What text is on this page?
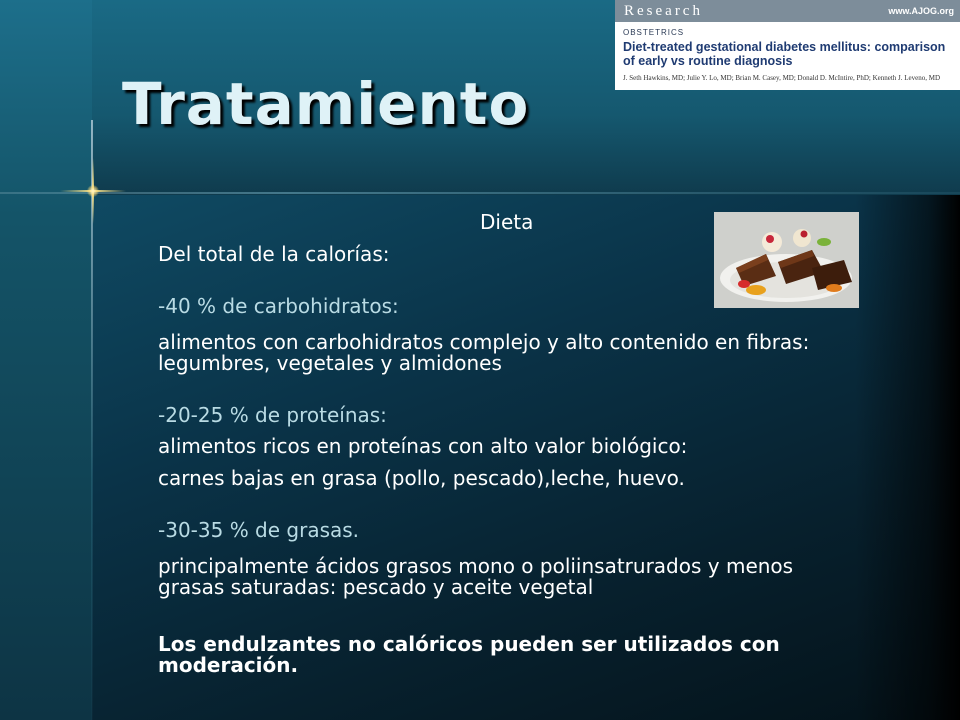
Tratamiento
Research	www.AJOG.org
OBSTETRICS
Diet-treated gestational diabetes mellitus: comparison of early vs routine diagnosis
J. Seth Hawkins, MD; Julie Y. Lo, MD; Brian M. Casey, MD; Donald D. McIntire, PhD; Kenneth J. Leveno, MD
Dieta
Del total de la calorías:
-40 % de carbohidratos:
alimentos con carbohidratos complejo y alto contenido en fibras: legumbres, vegetales y almidones
-20-25 % de proteínas:
alimentos ricos en proteínas con alto valor biológico:
carnes bajas en grasa (pollo, pescado),leche, huevo.
-30-35 % de grasas.
principalmente ácidos grasos mono o poliinsatrurados y menos grasas saturadas: pescado y aceite vegetal
Los endulzantes no calóricos pueden ser utilizados con moderación.
